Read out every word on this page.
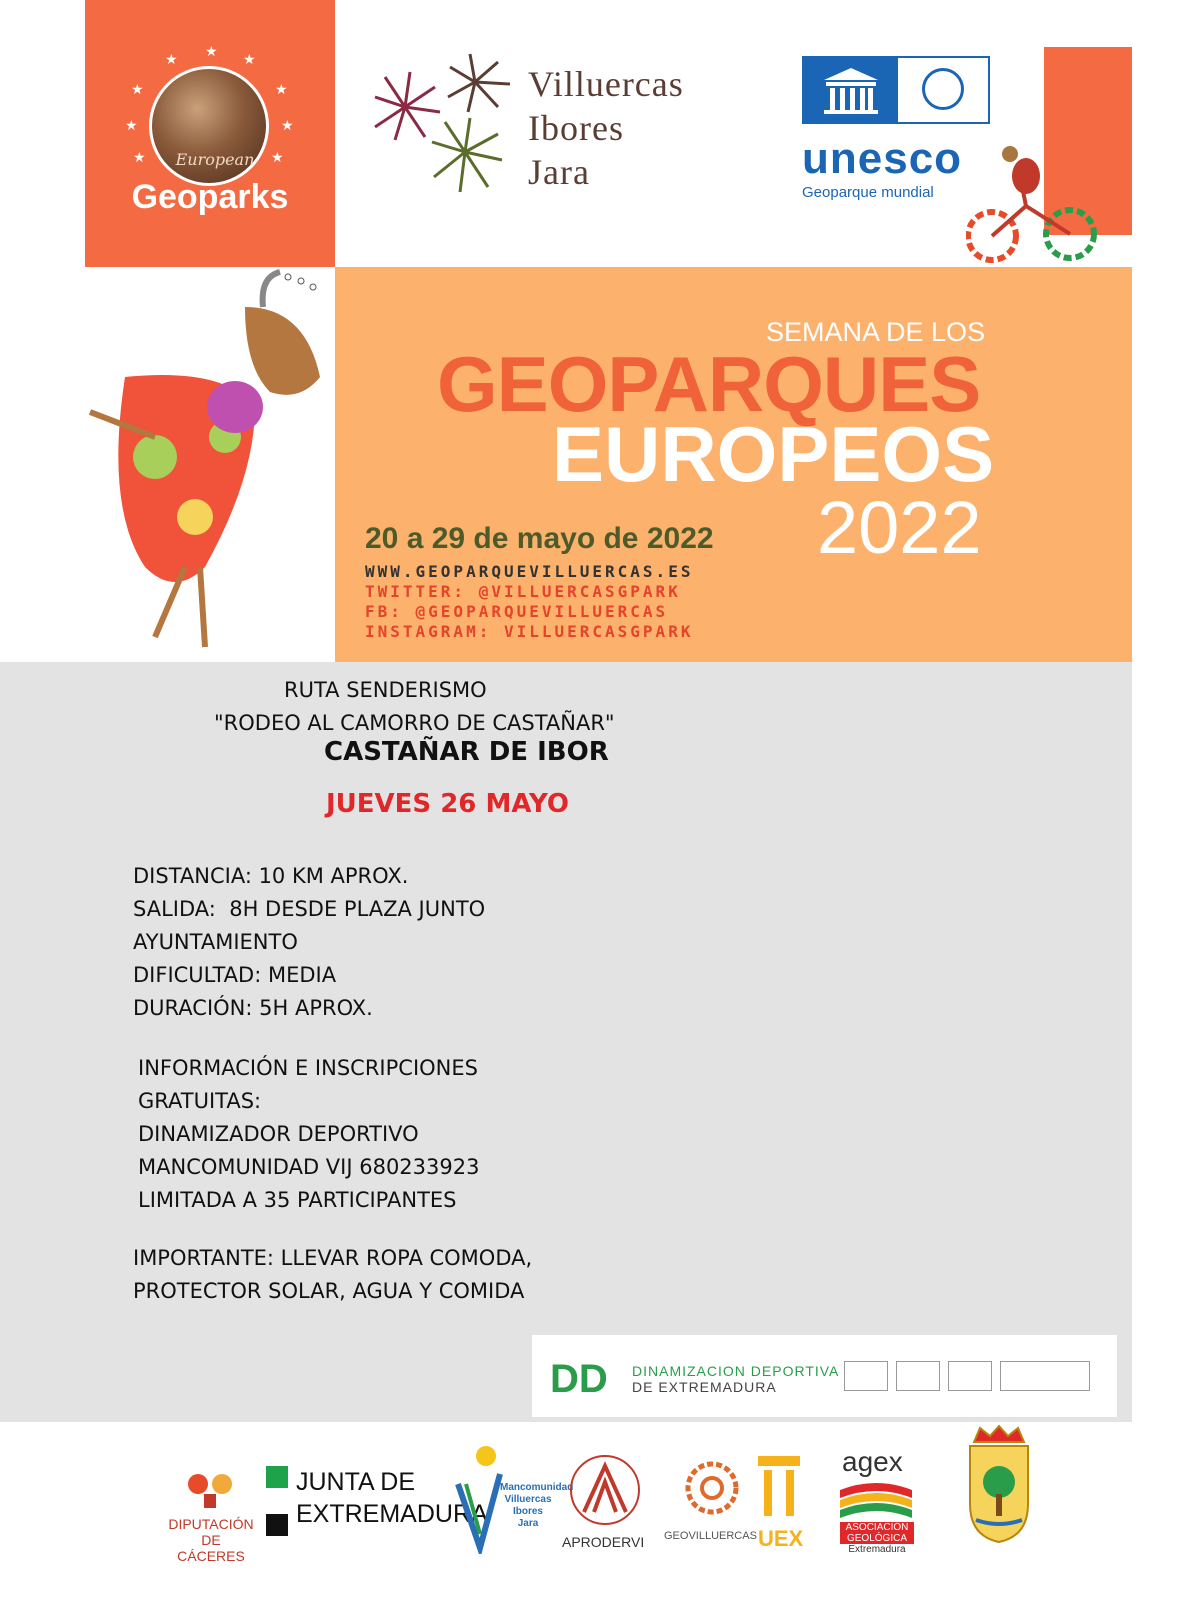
★ ★
★
★	★
★	★
★	★
European
Geoparks
Villuercas
Ibores
Jara	unesco
Geoparque mundial
SEMANA DE LOS
GEOPARQUES
EUROPEOS
2022
20 a 29 de mayo de 2022
WWW.GEOPARQUEVILLUERCAS.ES
TWITTER: @VILLUERCASGPARK
FB: @GEOPARQUEVILLUERCAS
INSTAGRAM: VILLUERCASGPARK
RUTA SENDERISMO
"RODEO AL CAMORRO DE CASTAÑAR"
CASTAÑAR DE IBOR
JUEVES 26 MAYO
DISTANCIA: 10 KM APROX.
SALIDA:  8H DESDE PLAZA JUNTO
AYUNTAMIENTO
DIFICULTAD: MEDIA
DURACIÓN: 5H APROX.
INFORMACIÓN E INSCRIPCIONES
GRATUITAS:
DINAMIZADOR DEPORTIVO
MANCOMUNIDAD VIJ 680233923
LIMITADA A 35 PARTICIPANTES
IMPORTANTE: LLEVAR ROPA COMODA,
PROTECTOR SOLAR, AGUA Y COMIDA
DD	DINAMIZACION DEPORTIVA
DE EXTREMADURA
DIPUTACIÓN
DE CÁCERES
JUNTA DE
EXTREMADURA
Mancomunidad
Villuercas
Ibores
Jara
APRODERVI GEOVILLUERCAS UEX
agex
ASOCIACIÓN
GEOLÓGICA
Extremadura
